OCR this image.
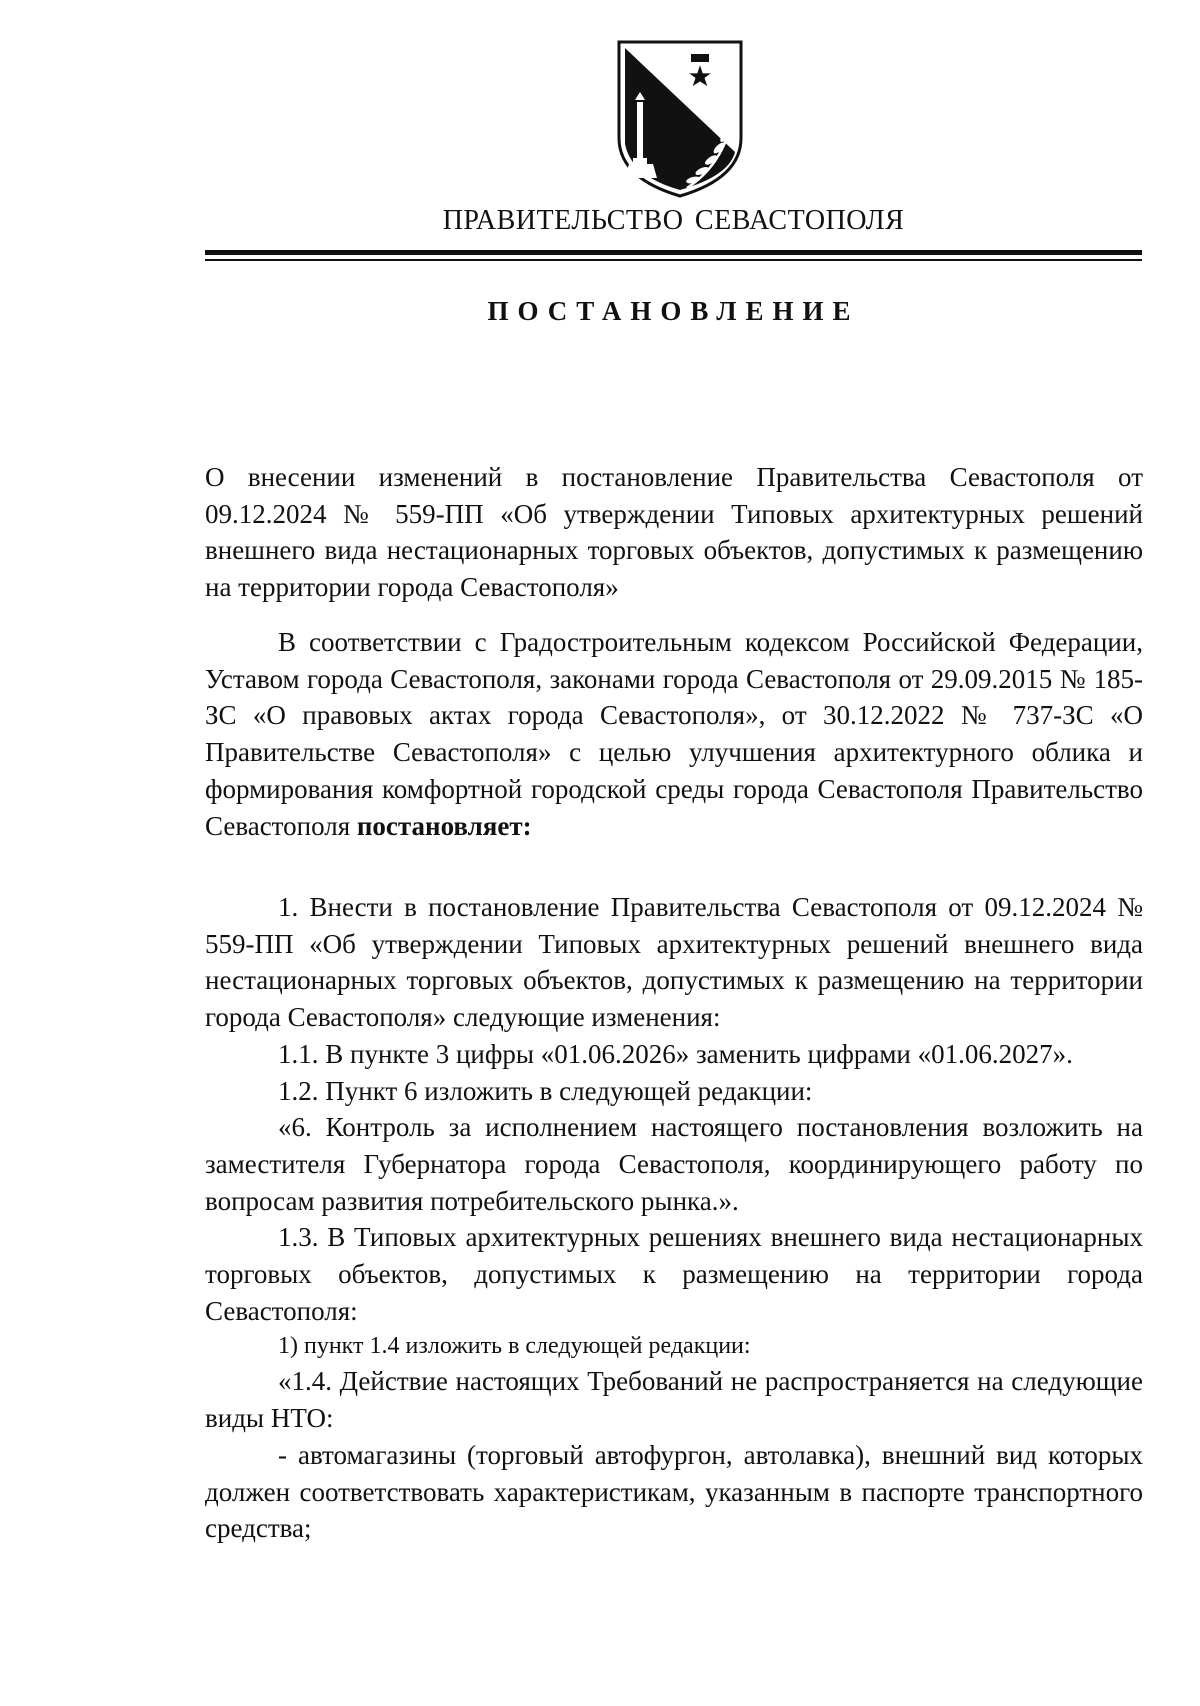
ПРАВИТЕЛЬСТВО СЕВАСТОПОЛЯ
ПОСТАНОВЛЕНИЕ

О внесении изменений в постановление Правительства Севастополя от 09.12.2024 № 559-ПП «Об утверждении Типовых архитектурных решений внешнего вида нестационарных торговых объектов, допустимых к размещению на территории города Севастополя»

В соответствии с Градостроительным кодексом Российской Федерации, Уставом города Севастополя, законами города Севастополя от 29.09.2015 № 185-ЗС «О правовых актах города Севастополя», от 30.12.2022 № 737-ЗС «О Правительстве Севастополя» с целью улучшения архитектурного облика и формирования комфортной городской среды города Севастополя Правительство Севастополя постановляет:

1. Внести в постановление Правительства Севастополя от 09.12.2024 № 559-ПП «Об утверждении Типовых архитектурных решений внешнего вида нестационарных торговых объектов, допустимых к размещению на территории города Севастополя» следующие изменения:

1.1. В пункте 3 цифры «01.06.2026» заменить цифрами «01.06.2027».

1.2. Пункт 6 изложить в следующей редакции:

«6. Контроль за исполнением настоящего постановления возложить на заместителя Губернатора города Севастополя, координирующего работу по вопросам развития потребительского рынка.».

1.3. В Типовых архитектурных решениях внешнего вида нестационарных торговых объектов, допустимых к размещению на территории города Севастополя:

1) пункт 1.4 изложить в следующей редакции:

«1.4. Действие настоящих Требований не распространяется на следующие виды НТО:

- автомагазины (торговый автофургон, автолавка), внешний вид которых должен соответствовать характеристикам, указанным в паспорте транспортного средства;
